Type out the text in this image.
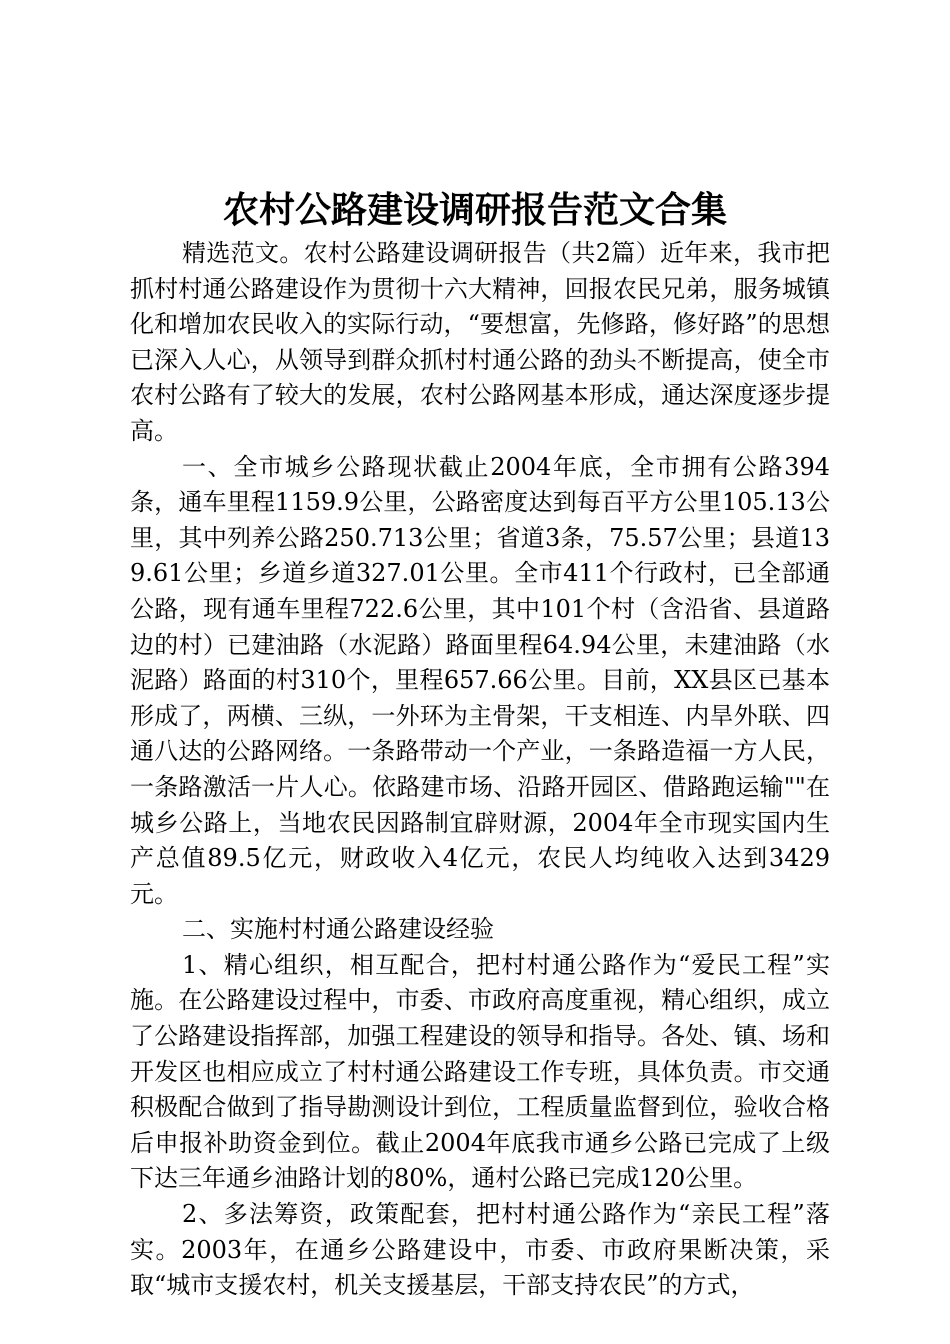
农村公路建设调研报告范文合集

精选范文。农村公路建设调研报告（共2篇）近年来，我市把抓村村通公路建设作为贯彻十六大精神，回报农民兄弟，服务城镇化和增加农民收入的实际行动，“要想富，先修路，修好路”的思想已深入人心，从领导到群众抓村村通公路的劲头不断提高，使全市农村公路有了较大的发展，农村公路网基本形成，通达深度逐步提高。

一、全市城乡公路现状截止2004年底，全市拥有公路394条，通车里程1159.9公里，公路密度达到每百平方公里105.13公里，其中列养公路250.713公里；省道3条，75.57公里；县道139.61公里；乡道乡道327.01公里。全市411个行政村，已全部通公路，现有通车里程722.6公里，其中101个村（含沿省、县道路边的村）已建油路（水泥路）路面里程64.94公里，未建油路（水泥路）路面的村310个，里程657.66公里。目前，XX县区已基本形成了，两横、三纵，一外环为主骨架，干支相连、内旱外联、四通八达的公路网络。一条路带动一个产业，一条路造福一方人民，一条路激活一片人心。依路建市场、沿路开园区、借路跑运输""在城乡公路上，当地农民因路制宜辟财源，2004年全市现实国内生产总值89.5亿元，财政收入4亿元，农民人均纯收入达到3429元。

二、实施村村通公路建设经验

1、精心组织，相互配合，把村村通公路作为“爱民工程”实施。在公路建设过程中，市委、市政府高度重视，精心组织，成立了公路建设指挥部，加强工程建设的领导和指导。各处、镇、场和开发区也相应成立了村村通公路建设工作专班，具体负责。市交通积极配合做到了指导勘测设计到位，工程质量监督到位，验收合格后申报补助资金到位。截止2004年底我市通乡公路已完成了上级下达三年通乡油路计划的80%，通村公路已完成120公里。

2、多法筹资，政策配套，把村村通公路作为“亲民工程”落实。2003年，在通乡公路建设中，市委、市政府果断决策，采取“城市支援农村，机关支援基层，干部支持农民”的方式，
